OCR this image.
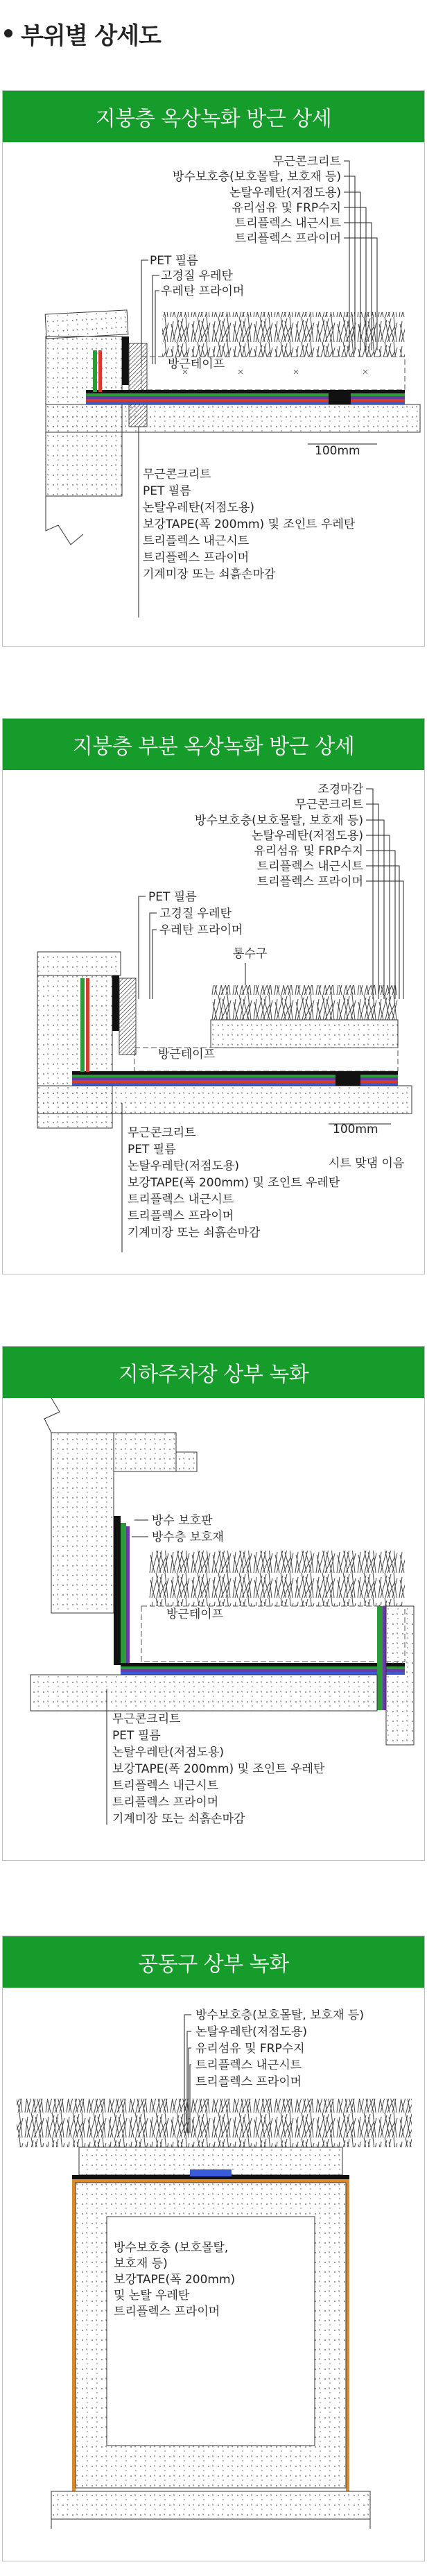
부위별 상세도
지붕층 옥상녹화 방근 상세
무근콘크리트
방수보호층(보호몰탈, 보호재 등)
논탈우레탄(저점도용)
유리섬유 및 FRP수지
트리플렉스 내근시트
트리플렉스 프라이머
PET 필름
고경질 우레탄
우레탄 프라이머
방근테이프
100mm
무근콘크리트
PET 필름
논탈우레탄(저점도용)
보강TAPE(폭 200mm) 및 조인트 우레탄
트리플렉스 내근시트
트리플렉스 프라이머
기계미장 또는 쇠흙손마감
지붕층 부분 옥상녹화 방근 상세
조경마감
무근콘크리트
방수보호층(보호몰탈, 보호재 등)
논탈우레탄(저점도용)
유리섬유 및 FRP수지
트리플렉스 내근시트
트리플렉스 프라이머
PET 필름
고경질 우레탄
우레탄 프라이머
통수구
방근테이프
100mm
시트 맞댐 이음
무근콘크리트
PET 필름
논탈우레탄(저점도용)
보강TAPE(폭 200mm) 및 조인트 우레탄
트리플렉스 내근시트
트리플렉스 프라이머
기계미장 또는 쇠흙손마감
지하주차장 상부 녹화
방수 보호판
방수층 보호재
방근테이프
무근콘크리트
PET 필름
논탈우레탄(저점도용)
보강TAPE(폭 200mm) 및 조인트 우레탄
트리플렉스 내근시트
트리플렉스 프라이머
기계미장 또는 쇠흙손마감
공동구 상부 녹화
방수보호층(보호몰탈, 보호재 등)
논탈우레탄(저점도용)
유리섬유 및 FRP수지
트리플렉스 내근시트
트리플렉스 프라이머
방수보호층 (보호몰탈,
보호재 등)
보강TAPE(폭 200mm)
및 논탈 우레탄
트리플렉스 프라이머
